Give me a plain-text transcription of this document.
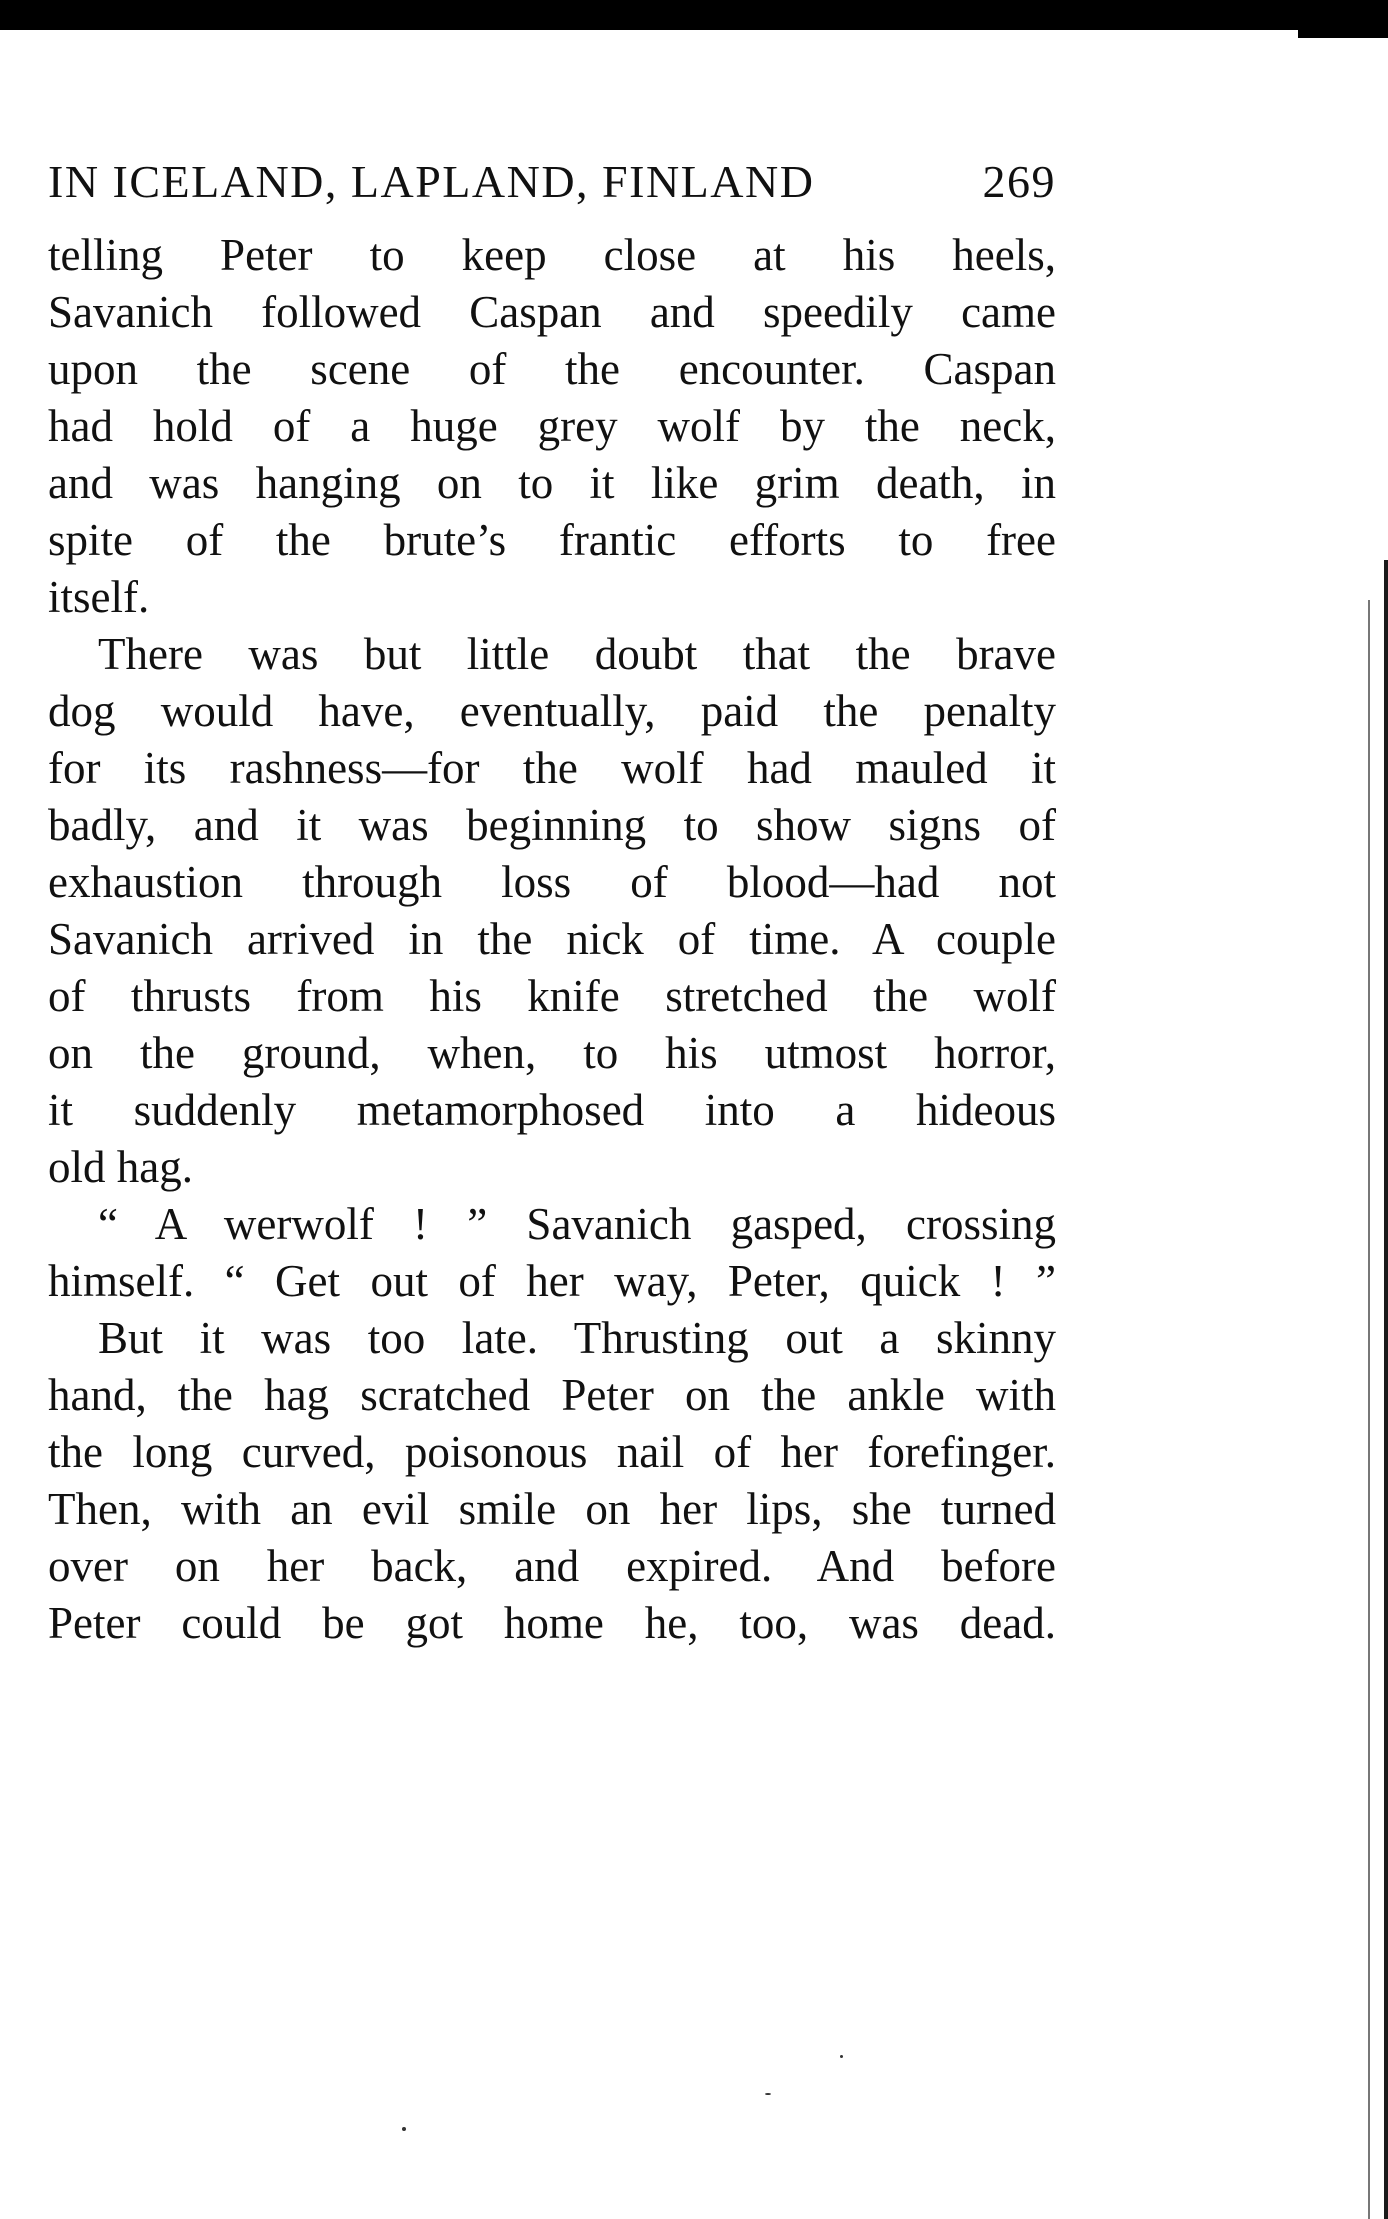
IN ICELAND, LAPLAND, FINLAND	269

telling Peter to keep close at his heels,
Savanich followed Caspan and speedily came
upon the scene of the encounter. Caspan
had hold of a huge grey wolf by the neck,
and was hanging on to it like grim death, in
spite of the brute’s frantic efforts to free
itself.

There was but little doubt that the brave
dog would have, eventually, paid the penalty
for its rashness—for the wolf had mauled it
badly, and it was beginning to show signs of
exhaustion through loss of blood—had not
Savanich arrived in the nick of time. A couple
of thrusts from his knife stretched the wolf
on the ground, when, to his utmost horror,
it suddenly metamorphosed into a hideous
old hag.

“ A werwolf ! ” Savanich gasped, crossing
himself. “ Get out of her way, Peter, quick ! ”

But it was too late. Thrusting out a skinny
hand, the hag scratched Peter on the ankle with
the long curved, poisonous nail of her forefinger.
Then, with an evil smile on her lips, she turned
over on her back, and expired. And before
Peter could be got home he, too, was dead.
